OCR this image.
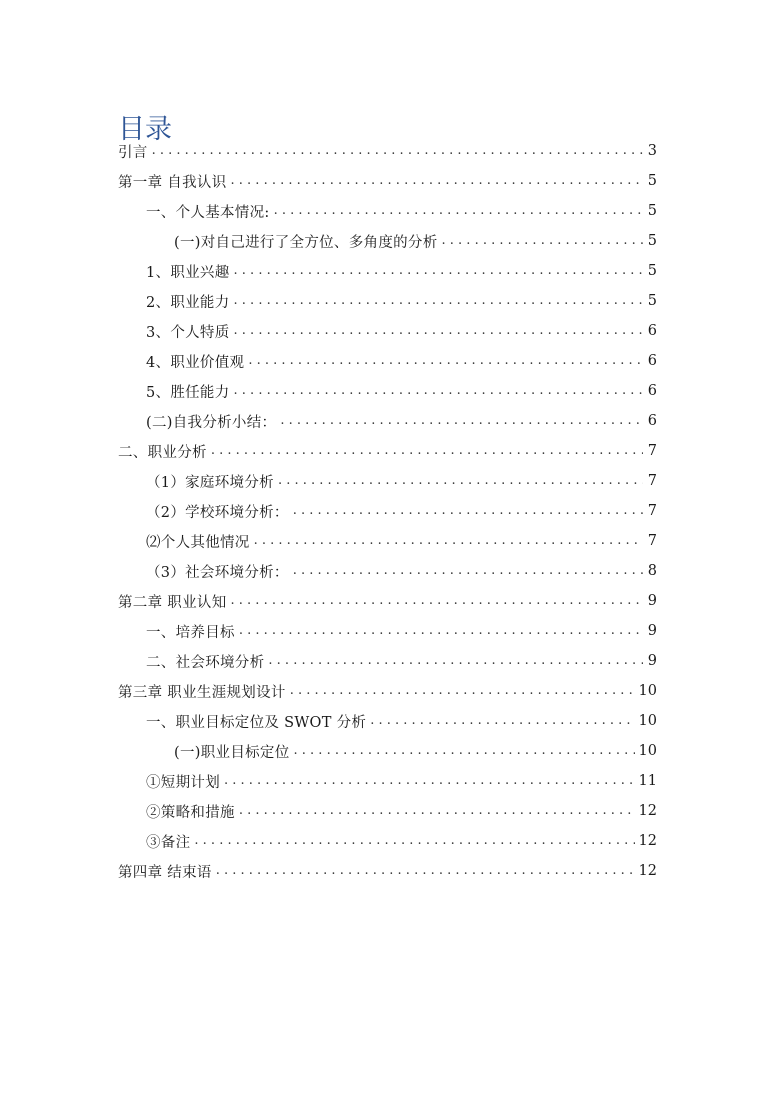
目录
引言 . . .	3
第一章 自我认识 . . .	5
一、个人基本情况: . . .	5
(一)对自己进行了全方位、多角度的分析 . . .	5
1、职业兴趣 . . .	5
2、职业能力 . . .	5
3、个人特质 . . .	6
4、职业价值观 . . .	6
5、胜任能力 . . .	6
(二)自我分析小结： . . .	6
二、职业分析 . . .	7
（1）家庭环境分析 . . .	7
（2）学校环境分析： . . .	7
⑵个人其他情况 . . .	7
（3）社会环境分析： . . .	8
第二章 职业认知 . . .	9
一、培养目标 . . .	9
二、社会环境分析 . . .	9
第三章 职业生涯规划设计 . . .	10
一、职业目标定位及 SWOT 分析 . . .	10
(一)职业目标定位 . . .	10
①短期计划 . . .	11
②策略和措施 . . .	12
③备注 . . .	12
第四章 结束语 . . .	12
